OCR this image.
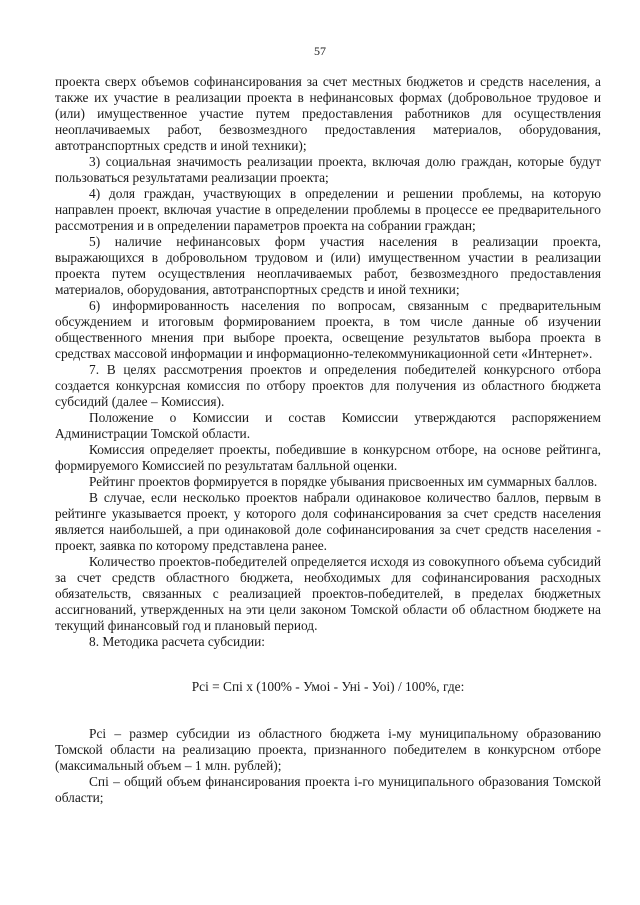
57

проекта сверх объемов софинансирования за счет местных бюджетов и средств населения, а также их участие в реализации проекта в нефинансовых формах (добровольное трудовое и (или) имущественное участие путем предоставления работников для осуществления неоплачиваемых работ, безвозмездного предоставления материалов, оборудования, автотранспортных средств и иной техники);

3) социальная значимость реализации проекта, включая долю граждан, которые будут пользоваться результатами реализации проекта;

4) доля граждан, участвующих в определении и решении проблемы, на которую направлен проект, включая участие в определении проблемы в процессе ее предварительного рассмотрения и в определении параметров проекта на собрании граждан;

5) наличие нефинансовых форм участия населения в реализации проекта, выражающихся в добровольном трудовом и (или) имущественном участии в реализации проекта путем осуществления неоплачиваемых работ, безвозмездного предоставления материалов, оборудования, автотранспортных средств и иной техники;

6) информированность населения по вопросам, связанным с предварительным обсуждением и итоговым формированием проекта, в том числе данные об изучении общественного мнения при выборе проекта, освещение результатов выбора проекта в средствах массовой информации и информационно-телекоммуникационной сети «Интернет».

7. В целях рассмотрения проектов и определения победителей конкурсного отбора создается конкурсная комиссия по отбору проектов для получения из областного бюджета субсидий (далее – Комиссия).

Положение о Комиссии и состав Комиссии утверждаются распоряжением Администрации Томской области.

Комиссия определяет проекты, победившие в конкурсном отборе, на основе рейтинга, формируемого Комиссией по результатам балльной оценки.

Рейтинг проектов формируется в порядке убывания присвоенных им суммарных баллов.

В случае, если несколько проектов набрали одинаковое количество баллов, первым в рейтинге указывается проект, у которого доля софинансирования за счет средств населения является наибольшей, а при одинаковой доле софинансирования за счет средств населения - проект, заявка по которому представлена ранее.

Количество проектов-победителей определяется исходя из совокупного объема субсидий за счет средств областного бюджета, необходимых для софинансирования расходных обязательств, связанных с реализацией проектов-победителей, в пределах бюджетных ассигнований, утвержденных на эти цели законом Томской области об областном бюджете на текущий финансовый год и плановый период.

8. Методика расчета субсидии:

Pci = Cпi x (100% - Умоi - Унi - Уоi) / 100%, где:

Pci – размер субсидии из областного бюджета i-му муниципальному образованию Томской области на реализацию проекта, признанного победителем в конкурсном отборе (максимальный объем – 1 млн. рублей);

Cпi – общий объем финансирования проекта i-го муниципального образования Томской области;
